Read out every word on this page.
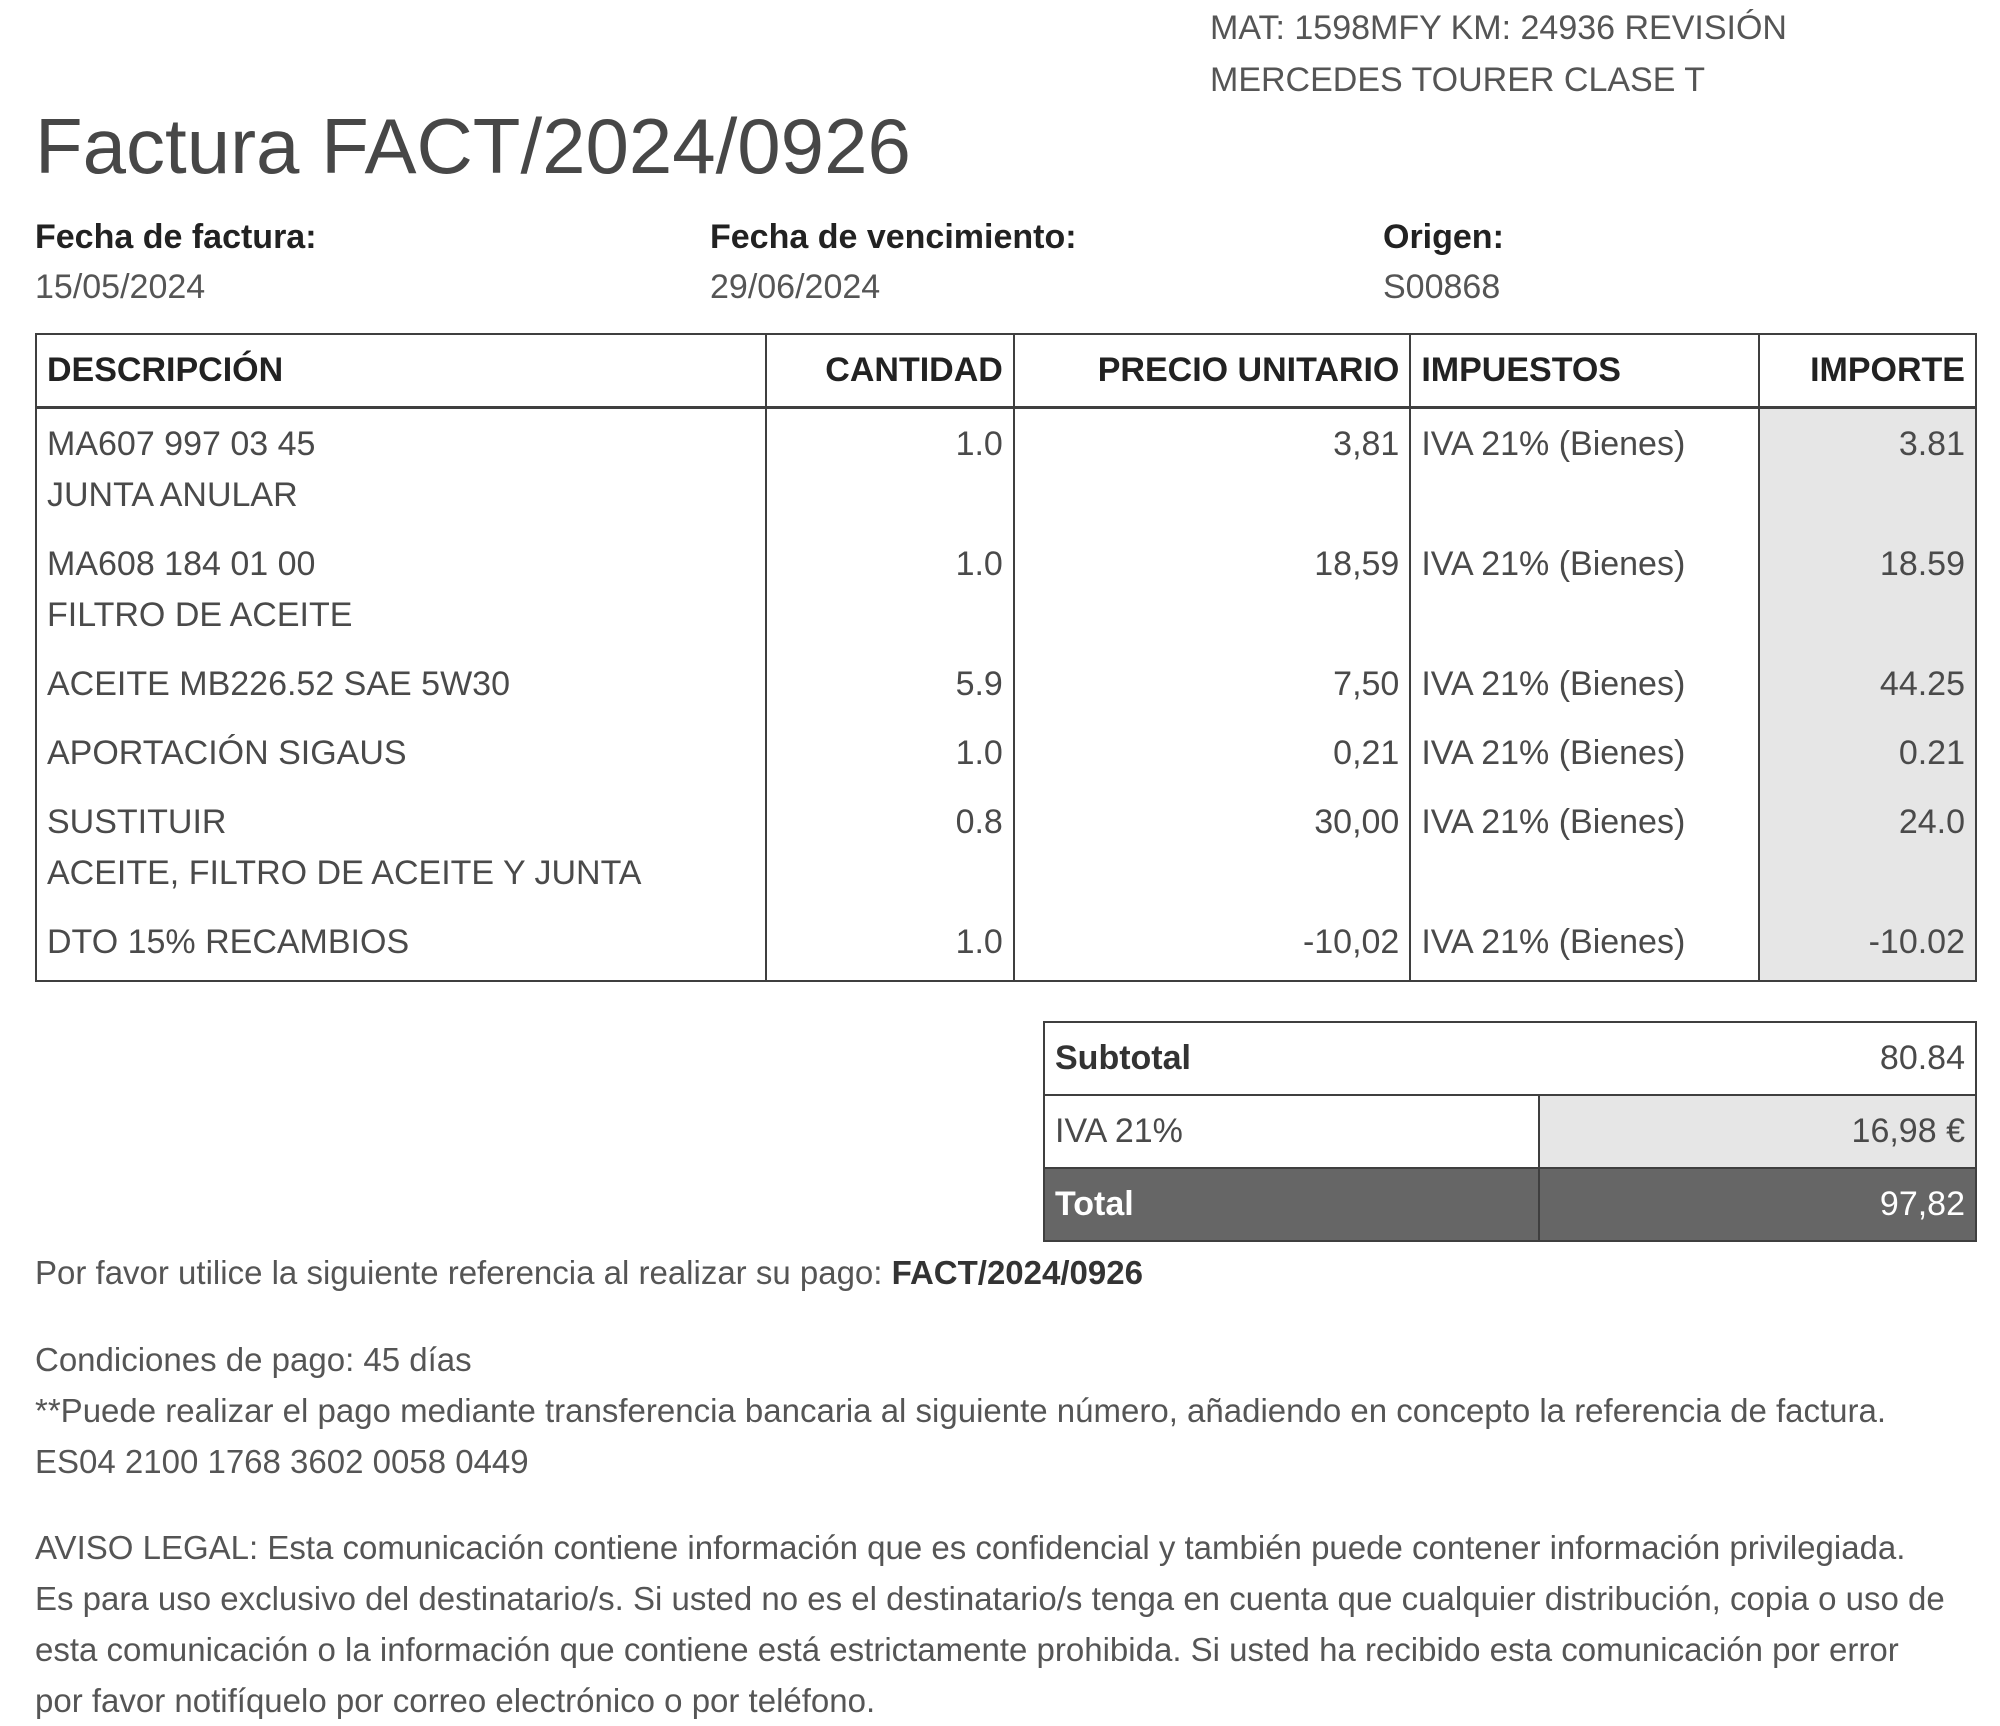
MAT: 1598MFY KM: 24936 REVISIÓN
MERCEDES TOURER CLASE T
Factura FACT/2024/0926
Fecha de factura:
15/05/2024
Fecha de vencimiento:
29/06/2024
Origen:
S00868
DESCRIPCIÓN	CANTIDAD	PRECIO UNITARIO	IMPUESTOS	IMPORTE

MA607 997 03 45
JUNTA ANULAR	1.0	3,81	IVA 21% (Bienes)	3.81

MA608 184 01 00
FILTRO DE ACEITE	1.0	18,59	IVA 21% (Bienes)	18.59

ACEITE MB226.52 SAE 5W30	5.9	7,50	IVA 21% (Bienes)	44.25

APORTACIÓN SIGAUS	1.0	0,21	IVA 21% (Bienes)	0.21

SUSTITUIR
ACEITE, FILTRO DE ACEITE Y JUNTA	0.8	30,00	IVA 21% (Bienes)	24.0

DTO 15% RECAMBIOS	1.0	-10,02	IVA 21% (Bienes)	-10.02
Subtotal	80.84
IVA 21%	16,98 €
Total	97,82
Por favor utilice la siguiente referencia al realizar su pago: FACT/2024/0926
Condiciones de pago: 45 días
**Puede realizar el pago mediante transferencia bancaria al siguiente número, añadiendo en concepto la referencia de factura.
ES04 2100 1768 3602 0058 0449
AVISO LEGAL: Esta comunicación contiene información que es confidencial y también puede contener información privilegiada.
Es para uso exclusivo del destinatario/s. Si usted no es el destinatario/s tenga en cuenta que cualquier distribución, copia o uso de
esta comunicación o la información que contiene está estrictamente prohibida. Si usted ha recibido esta comunicación por error
por favor notifíquelo por correo electrónico o por teléfono.
